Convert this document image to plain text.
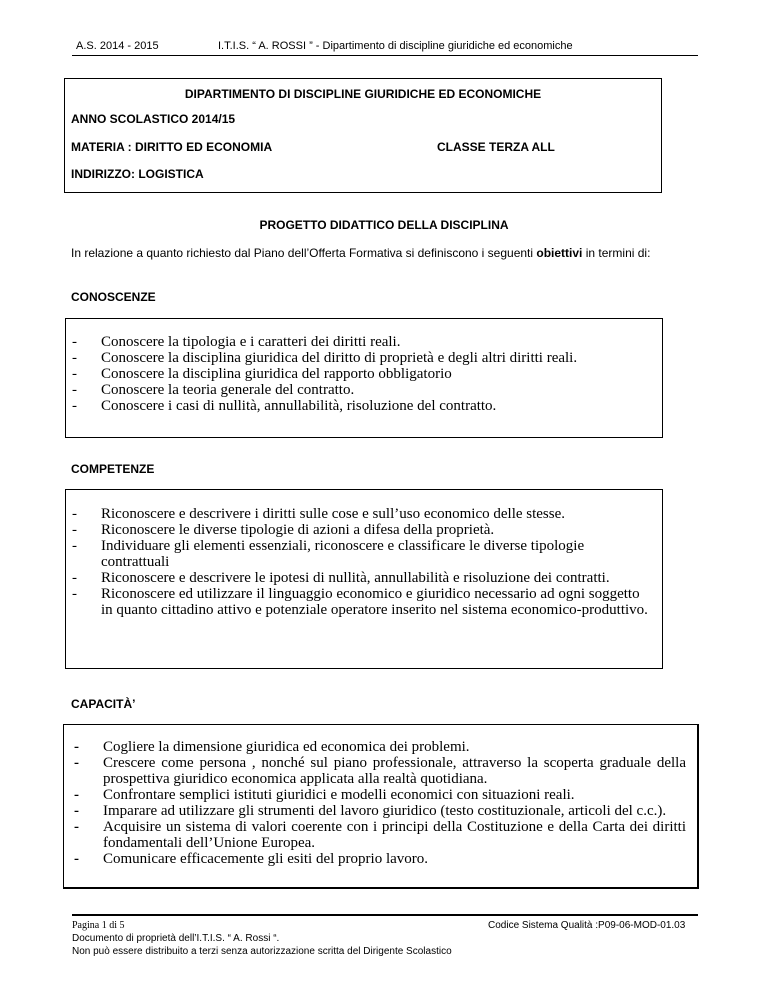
A.S. 2014 - 2015	I.T.I.S. “ A. ROSSI ” - Dipartimento di discipline giuridiche ed economiche
DIPARTIMENTO DI DISCIPLINE GIURIDICHE ED ECONOMICHE
ANNO SCOLASTICO 2014/15
MATERIA : DIRITTO ED ECONOMIA	CLASSE TERZA ALL
INDIRIZZO: LOGISTICA
PROGETTO DIDATTICO DELLA DISCIPLINA
In relazione a quanto richiesto dal Piano dell’Offerta Formativa si definiscono i seguenti obiettivi in termini di:
CONOSCENZE
- Conoscere la tipologia e i caratteri dei diritti reali.
- Conoscere la disciplina giuridica del diritto di proprietà e degli altri diritti reali.
- Conoscere la disciplina giuridica del rapporto obbligatorio
- Conoscere la teoria generale del contratto.
- Conoscere i casi di nullità, annullabilità, risoluzione del contratto.
COMPETENZE
- Riconoscere e descrivere i diritti sulle cose e sull’uso economico delle stesse.
- Riconoscere le diverse tipologie di azioni a difesa della proprietà.
- Individuare gli elementi essenziali, riconoscere e classificare le diverse tipologie contrattuali
- Riconoscere e descrivere le ipotesi di nullità, annullabilità e risoluzione dei contratti.
- Riconoscere ed utilizzare il linguaggio economico e giuridico necessario ad ogni soggetto in quanto cittadino attivo e potenziale operatore inserito nel sistema economico-produttivo.
CAPACITÀ’
- Cogliere la dimensione giuridica ed economica dei problemi.
- Crescere come persona , nonché sul piano professionale, attraverso la scoperta graduale della prospettiva giuridico economica applicata alla realtà quotidiana.
- Confrontare semplici istituti giuridici e modelli economici con situazioni reali.
- Imparare ad utilizzare gli strumenti del lavoro giuridico (testo costituzionale, articoli del c.c.).
- Acquisire un sistema di valori coerente con i principi della Costituzione e della Carta dei diritti fondamentali dell’Unione Europea.
- Comunicare efficacemente gli esiti del proprio lavoro.
Pagina 1 di 5
Documento di proprietà dell’I.T.I.S. “ A. Rossi “.
Non può essere distribuito a terzi senza autorizzazione scritta del Dirigente Scolastico
Codice Sistema Qualità :P09-06-MOD-01.03
